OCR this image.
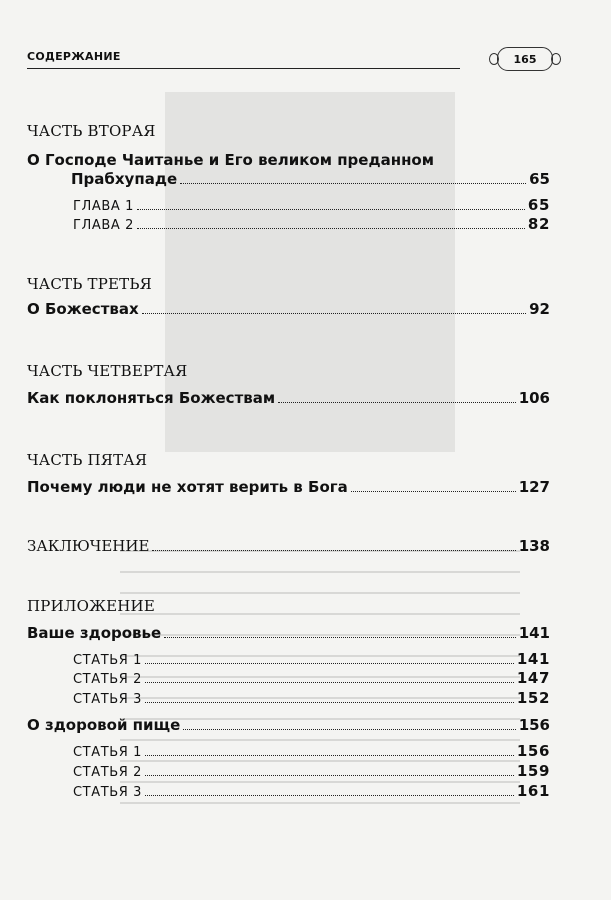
СОДЕРЖАНИЕ	165
ЧАСТЬ ВТОРАЯ
О Господе Чаитанье и Его великом преданном
Прабхупаде	65
ГЛАВА 1	65
ГЛАВА 2	82
ЧАСТЬ ТРЕТЬЯ
О Божествах	92
ЧАСТЬ ЧЕТВЕРТАЯ
Как поклоняться Божествам	106
ЧАСТЬ ПЯТАЯ
Почему люди не хотят верить в Бога	127
ЗАКЛЮЧЕНИЕ	138
ПРИЛОЖЕНИЕ
Ваше здоровье	141
СТАТЬЯ 1	141
СТАТЬЯ 2	147
СТАТЬЯ 3	152
О здоровой пище	156
СТАТЬЯ 1	156
СТАТЬЯ 2	159
СТАТЬЯ 3	161
